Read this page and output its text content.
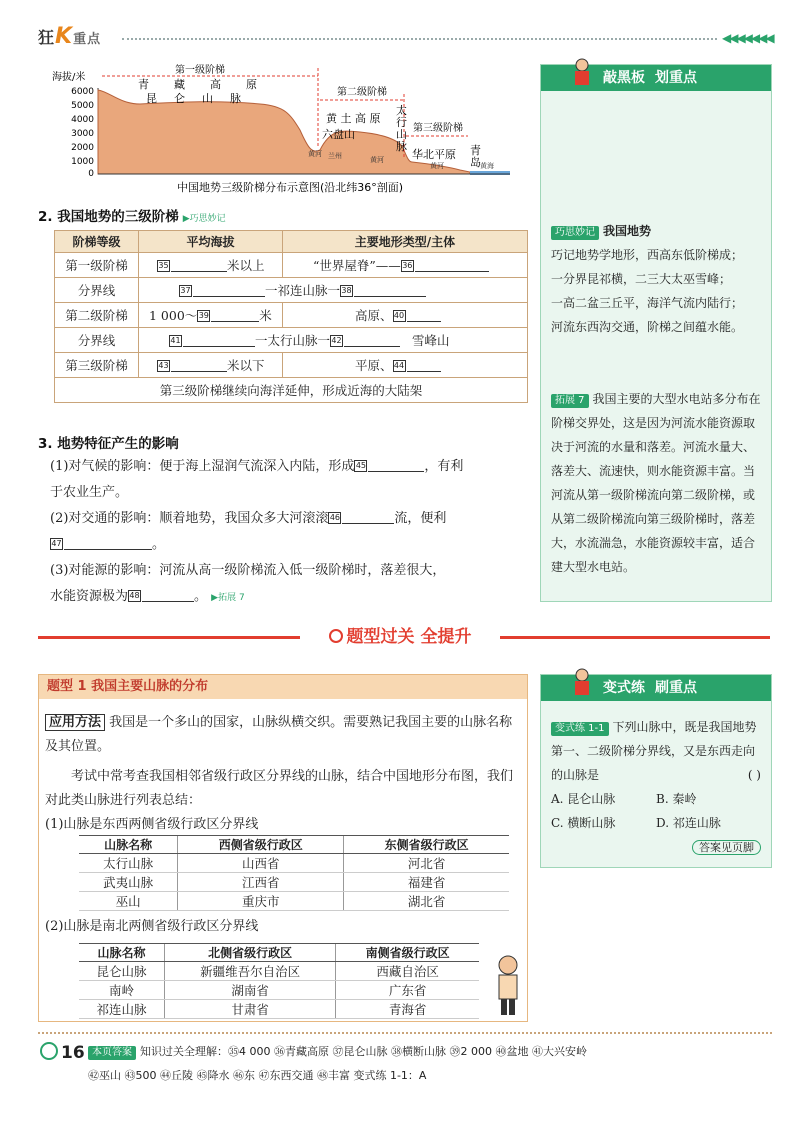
狂K重点	◀◀◀◀◀◀◀
海拔/米
6000
5000
4000
3000
2000
1000
0
第一级阶梯
第二级阶梯
第三级阶梯
青 藏 高 原
昆 仑 山 脉
黄 土 高 原
六盘山
太
行
山
脉
华北平原 青
岛
黄河 兰州	黄河
黄河	黄海
中国地势三级阶梯分布示意图(沿北纬36°剖面)
敲黑板 划重点
巧思妙记 我国地势
巧记地势学地形，西高东低阶梯成；
一分界昆祁横，二三大太巫雪峰；
一高二盆三丘平，海洋气流内陆行；
河流东西沟交通，阶梯之间蕴水能。
拓展 7 我国主要的大型水电站多分布在阶梯交界处，这是因为河流水能资源取决于河流的水量和落差。河流水量大、落差大、流速快，则水能资源丰富。当河流从第一级阶梯流向第二级阶梯，或从第二级阶梯流向第三级阶梯时，落差大，水流湍急，水能资源较丰富，适合建大型水电站。
2. 我国地势的三级阶梯 ▶巧思妙记
阶梯等级	平均海拔	主要地形类型/主体
第一级阶梯	35 米以上	“世界屋脊”——36
分界线	37 一祁连山脉一38	
第二级阶梯	1 000～39 米	高原、40
分界线	41 一太行山脉一42 雪峰山	
第三级阶梯	43 米以下	平原、44
第三级阶梯继续向海洋延伸，形成近海的大陆架		
3. 地势特征产生的影响
(1)对气候的影响：便于海上湿润气流深入内陆，形成45	，有利
于农业生产。
(2)对交通的影响：顺着地势，我国众多大河滚滚46	流，便利
47	。
(3)对能源的影响：河流从高一级阶梯流入低一级阶梯时，落差很大，
水能资源极为48	。 ▶拓展 7
题型过关 全提升
题型 1 我国主要山脉的分布
应用方法 我国是一个多山的国家，山脉纵横交织。需要熟记我国主要的山脉名称及其位置。
考试中常考查我国相邻省级行政区分界线的山脉，结合中国地形分布图，我们对此类山脉进行列表总结：
(1)山脉是东西两侧省级行政区分界线
山脉名称	西侧省级行政区	东侧省级行政区
太行山脉	山西省	河北省
武夷山脉	江西省	福建省
巫山	重庆市	湖北省
(2)山脉是南北两侧省级行政区分界线
山脉名称	北侧省级行政区	南侧省级行政区
昆仑山脉	新疆维吾尔自治区	西藏自治区
南岭	湖南省	广东省
祁连山脉	甘肃省	青海省
变式练 刷重点
变式练 1-1 下列山脉中，既是我国地势第一、二级阶梯分界线，又是东西走向的山脉是	( )
A. 昆仑山脉	B. 秦岭
C. 横断山脉	D. 祁连山脉
答案见页脚
16 本页答案 知识过关全理解：㉟4 000 ㊱青藏高原 ㊲昆仑山脉 ㊳横断山脉 ㊴2 000 ㊵盆地 ㊶大兴安岭
㊷巫山 ㊸500 ㊹丘陵 ㊺降水 ㊻东 ㊼东西交通 ㊽丰富 变式练 1-1：A
